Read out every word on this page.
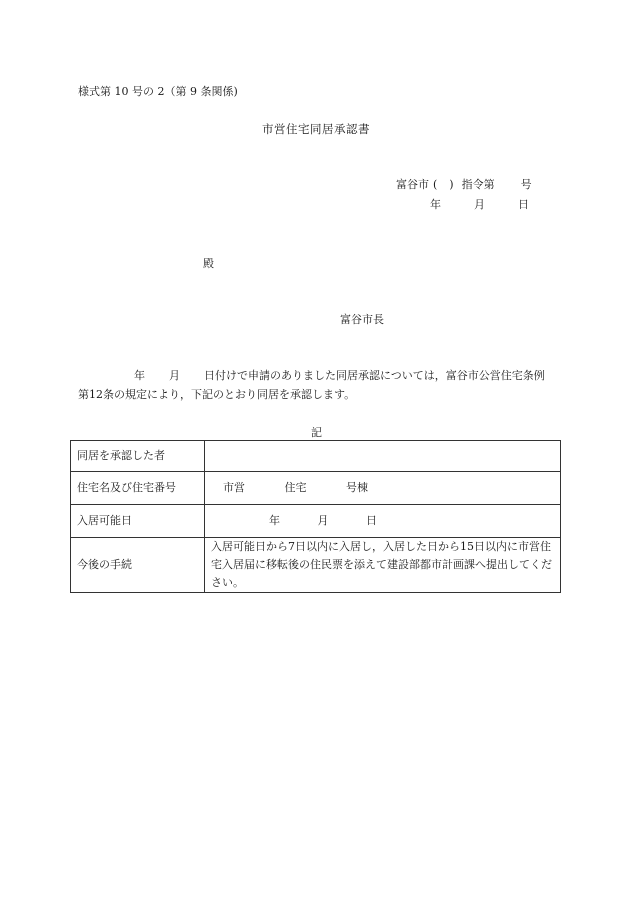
様式第 10 号の 2（第 9 条関係)
市営住宅同居承認書
富谷市 ( ) 指令第 号
年	月	日
殿
富谷市長
年 月 日付けで申請のありました同居承認については，富谷市公営住宅条例
第12条の規定により，下記のとおり同居を承認します。
記
同居を承認した者	
住宅名及び住宅番号	市営 住宅 号棟
入居可能日	年 月 日
今後の手続	入居可能日から7日以内に入居し，入居した日から15日以内に市営住宅入居届に移転後の住民票を添えて建設部都市計画課へ提出してください。
